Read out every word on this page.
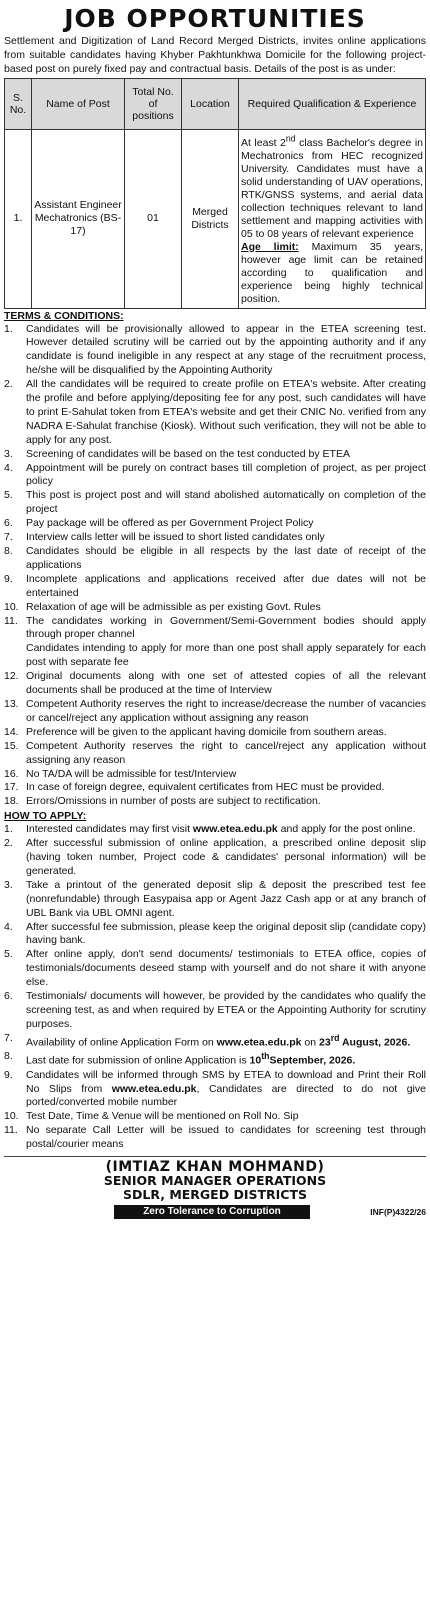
JOB OPPORTUNITIES
Settlement and Digitization of Land Record Merged Districts, invites online applications from suitable candidates having Khyber Pakhtunkhwa Domicile for the following project-based post on purely fixed pay and contractual basis. Details of the post is as under:
S. No.	Name of Post	Total No. of positions	Location	Required Qualification & Experience
1.	Assistant Engineer Mechatronics (BS-17)	01	Merged Districts	At least 2nd class Bachelor's degree in Mechatronics from HEC recognized University. Candidates must have a solid understanding of UAV operations, RTK/GNSS systems, and aerial data collection techniques relevant to land settlement and mapping activities with 05 to 08 years of relevant experience
Age limit: Maximum 35 years, however age limit can be retained according to qualification and experience being highly technical position.
TERMS & CONDITIONS:
1.	Candidates will be provisionally allowed to appear in the ETEA screening test. However detailed scrutiny will be carried out by the appointing authority and if any candidate is found ineligible in any respect at any stage of the recruitment process, he/she will be disqualified by the Appointing Authority
2.	All the candidates will be required to create profile on ETEA's website. After creating the profile and before applying/depositing fee for any post, such candidates will have to print E-Sahulat token from ETEA's website and get their CNIC No. verified from any NADRA E-Sahulat franchise (Kiosk). Without such verification, they will not be able to apply for any post.
3.	Screening of candidates will be based on the test conducted by ETEA
4.	Appointment will be purely on contract bases till completion of project, as per project policy
5.	This post is project post and will stand abolished automatically on completion of the project
6.	Pay package will be offered as per Government Project Policy
7.	Interview calls letter will be issued to short listed candidates only
8.	Candidates should be eligible in all respects by the last date of receipt of the applications
9.	Incomplete applications and applications received after due dates will not be entertained
10. Relaxation of age will be admissible as per existing Govt. Rules
11. The candidates working in Government/Semi-Government bodies should apply through proper channel
Candidates intending to apply for more than one post shall apply separately for each post with separate fee
12. Original documents along with one set of attested copies of all the relevant documents shall be produced at the time of Interview
13. Competent Authority reserves the right to increase/decrease the number of vacancies or cancel/reject any application without assigning any reason
14. Preference will be given to the applicant having domicile from southern areas.
15. Competent Authority reserves the right to cancel/reject any application without assigning any reason
16. No TA/DA will be admissible for test/Interview
17. In case of foreign degree, equivalent certificates from HEC must be provided.
18. Errors/Omissions in number of posts are subject to rectification.
HOW TO APPLY:
1.	Interested candidates may first visit www.etea.edu.pk and apply for the post online.
2.	After successful submission of online application, a prescribed online deposit slip (having token number, Project code & candidates' personal information) will be generated.
3.	Take a printout of the generated deposit slip & deposit the prescribed test fee (nonrefundable) through Easypaisa app or Agent Jazz Cash app or at any branch of UBL Bank via UBL OMNI agent.
4.	After successful fee submission, please keep the original deposit slip (candidate copy) having bank.
5.	After online apply, don't send documents/ testimonials to ETEA office, copies of testimonials/documents deseed stamp with yourself and do not share it with anyone else.
6.	Testimonials/ documents will however, be provided by the candidates who qualify the screening test, as and when required by ETEA or the Appointing Authority for scrutiny purposes.
7.	Availability of online Application Form on www.etea.edu.pk on 23rd August, 2026.
8.	Last date for submission of online Application is 10thSeptember, 2026.
9.	Candidates will be informed through SMS by ETEA to download and Print their Roll No Slips from www.etea.edu.pk, Candidates are directed to do not give ported/converted mobile number
10. Test Date, Time & Venue will be mentioned on Roll No. Sip
11. No separate Call Letter will be issued to candidates for screening test through postal/courier means
(IMTIAZ KHAN MOHMAND)
SENIOR MANAGER OPERATIONS
SDLR, MERGED DISTRICTS
Zero Tolerance to Corruption	INF(P)4322/26
